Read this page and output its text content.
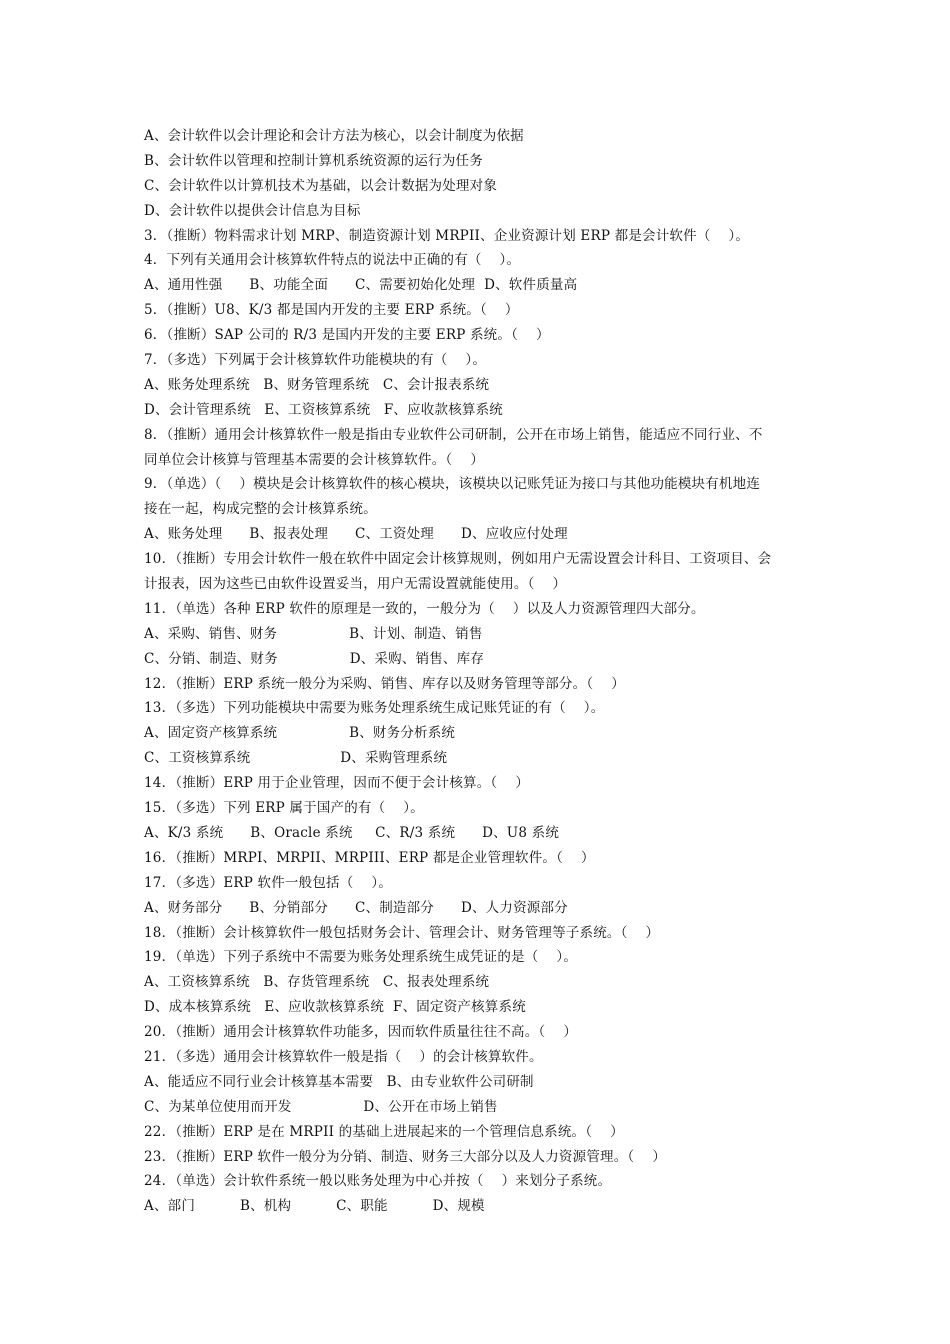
A、会计软件以会计理论和会计方法为核心，以会计制度为依据
B、会计软件以管理和控制计算机系统资源的运行为任务
C、会计软件以计算机技术为基础，以会计数据为处理对象
D、会计软件以提供会计信息为目标
3．（推断）物料需求计划 MRP、制造资源计划 MRPII、企业资源计划 ERP 都是会计软件（    ）。
4．下列有关通用会计核算软件特点的说法中正确的有（    ）。
A、通用性强      B、功能全面      C、需要初始化处理  D、软件质量高
5．（推断）U8、K/3 都是国内开发的主要 ERP 系统。（    ）
6．（推断）SAP 公司的 R/3 是国内开发的主要 ERP 系统。（    ）
7．（多选）下列属于会计核算软件功能模块的有（    ）。
A、账务处理系统   B、财务管理系统   C、会计报表系统
D、会计管理系统   E、工资核算系统   F、应收款核算系统
8．（推断）通用会计核算软件一般是指由专业软件公司研制，公开在市场上销售，能适应不同行业、不
同单位会计核算与管理基本需要的会计核算软件。（    ）
9．（单选）（    ）模块是会计核算软件的核心模块，该模块以记账凭证为接口与其他功能模块有机地连
接在一起，构成完整的会计核算系统。
A、账务处理      B、报表处理      C、工资处理      D、应收应付处理
10．（推断）专用会计软件一般在软件中固定会计核算规则，例如用户无需设置会计科目、工资项目、会
计报表，因为这些已由软件设置妥当，用户无需设置就能使用。（    ）
11．（单选）各种 ERP 软件的原理是一致的，一般分为（    ）以及人力资源管理四大部分。
A、采购、销售、财务                B、计划、制造、销售
C、分销、制造、财务                D、采购、销售、库存
12．（推断）ERP 系统一般分为采购、销售、库存以及财务管理等部分。（    ）
13．（多选）下列功能模块中需要为账务处理系统生成记账凭证的有（    ）。
A、固定资产核算系统                B、财务分析系统
C、工资核算系统                    D、采购管理系统
14．（推断）ERP 用于企业管理，因而不便于会计核算。（    ）
15．（多选）下列 ERP 属于国产的有（    ）。
A、K/3 系统      B、Oracle 系统     C、R/3 系统      D、U8 系统
16．（推断）MRPI、MRPII、MRPIII、ERP 都是企业管理软件。（    ）
17．（多选）ERP 软件一般包括（    ）。
A、财务部分      B、分销部分      C、制造部分      D、人力资源部分
18．（推断）会计核算软件一般包括财务会计、管理会计、财务管理等子系统。（    ）
19．（单选）下列子系统中不需要为账务处理系统生成凭证的是（    ）。
A、工资核算系统   B、存货管理系统   C、报表处理系统
D、成本核算系统   E、应收款核算系统  F、固定资产核算系统
20．（推断）通用会计核算软件功能多，因而软件质量往往不高。（    ）
21．（多选）通用会计核算软件一般是指（    ）的会计核算软件。
A、能适应不同行业会计核算基本需要   B、由专业软件公司研制
C、为某单位使用而开发                D、公开在市场上销售
22．（推断）ERP 是在 MRPII 的基础上进展起来的一个管理信息系统。（    ）
23．（推断）ERP 软件一般分为分销、制造、财务三大部分以及人力资源管理。（    ）
24．（单选）会计软件系统一般以账务处理为中心并按（    ）来划分子系统。
A、部门          B、机构          C、职能          D、规模
